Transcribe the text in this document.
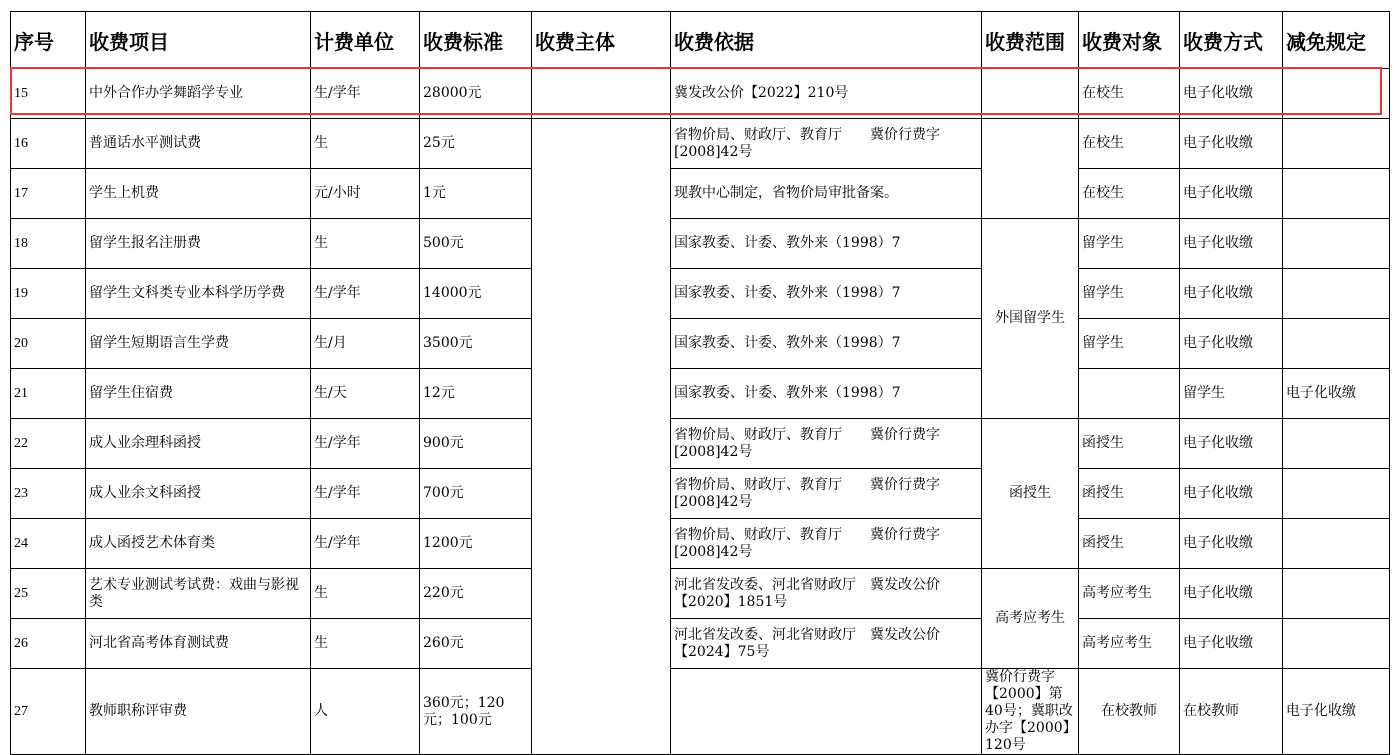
序号	收费项目	计费单位	收费标准	收费主体	收费依据	收费范围	收费对象	收费方式	减免规定	
15	中外合作办学舞蹈学专业	生/学年	28000元		冀发改公价【2022】210号		在校生	电子化收缴		
16	普通话水平测试费	生	25元		省物价局、财政厅、教育厅　　冀价行费字[2008]42号		在校生	电子化收缴		
17	学生上机费	元/小时	1元		现教中心制定，省物价局审批备案。		在校生	电子化收缴		
18	留学生报名注册费	生	500元		国家教委、计委、教外来（1998）7	外国留学生	留学生	电子化收缴		
19	留学生文科类专业本科学历学费	生/学年	14000元		国家教委、计委、教外来（1998）7		留学生	电子化收缴		
20	留学生短期语言生学费	生/月	3500元		国家教委、计委、教外来（1998）7		留学生	电子化收缴		
21	留学生住宿费	生/天	12元		国家教委、计委、教外来（1998）7			留学生	电子化收缴	
22	成人业余理科函授	生/学年	900元		省物价局、财政厅、教育厅　　冀价行费字[2008]42号	函授生	函授生	电子化收缴		
23	成人业余文科函授	生/学年	700元		省物价局、财政厅、教育厅　　冀价行费字[2008]42号		函授生	电子化收缴		
24	成人函授艺术体育类	生/学年	1200元		省物价局、财政厅、教育厅　　冀价行费字[2008]42号		函授生	电子化收缴		
25	艺术专业测试考试费：戏曲与影视类	生	220元		河北省发改委、河北省财政厅　冀发改公价【2020】1851号	高考应考生	高考应考生	电子化收缴		
26	河北省高考体育测试费	生	260元		河北省发改委、河北省财政厅　冀发改公价【2024】75号		高考应考生	电子化收缴		
27	教师职称评审费	人	360元；120元；100元			冀价行费字【2000】第40号；冀职改办字【2000】120号	在校教师	在校教师	电子化收缴	
